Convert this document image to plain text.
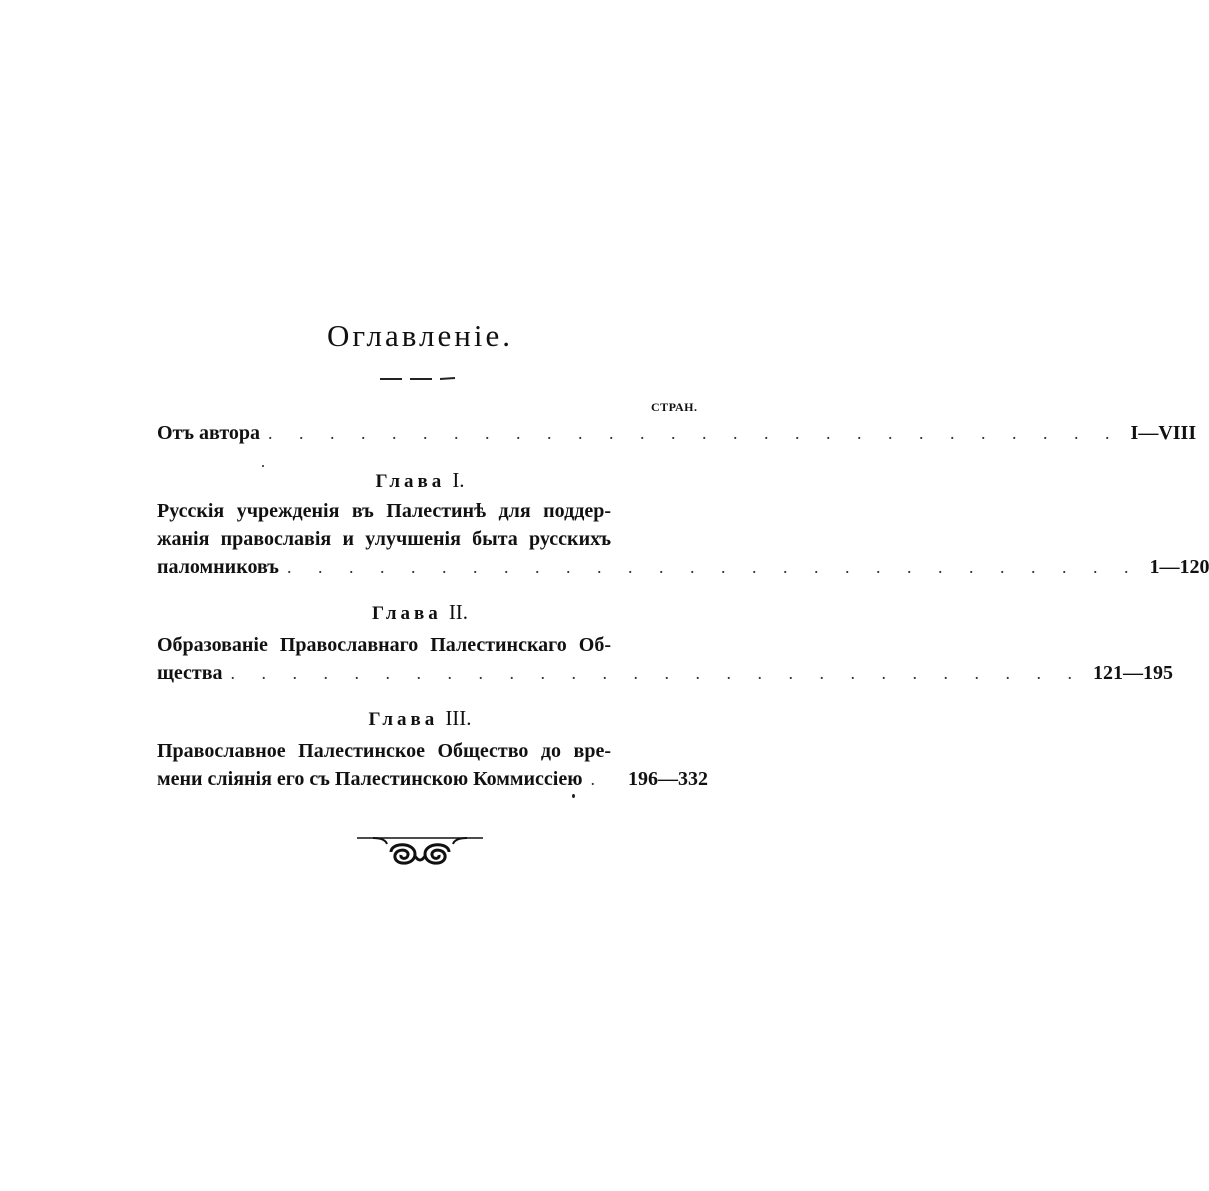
Оглавленіе.
СТРАН.
Отъ автора . . . . . . . . . . . . . . . . . . . . . . . . . . . . I—VIII
Глава I.
Русскія учрежденія въ Палестинѣ для поддер-
жанія православія и улучшенія быта русскихъ
паломниковъ . . . . . . . . . . . . . . . . . . . . . . . . . . . . 1—120
Глава II.
Образованіе Православнаго Палестинскаго Об-
щества . . . . . . . . . . . . . . . . . . . . . . . . . . . . 121—195
Глава III.
Православное Палестинское Общество до вре-
мени сліянія его съ Палестинскою Коммиссіею .	196—332
